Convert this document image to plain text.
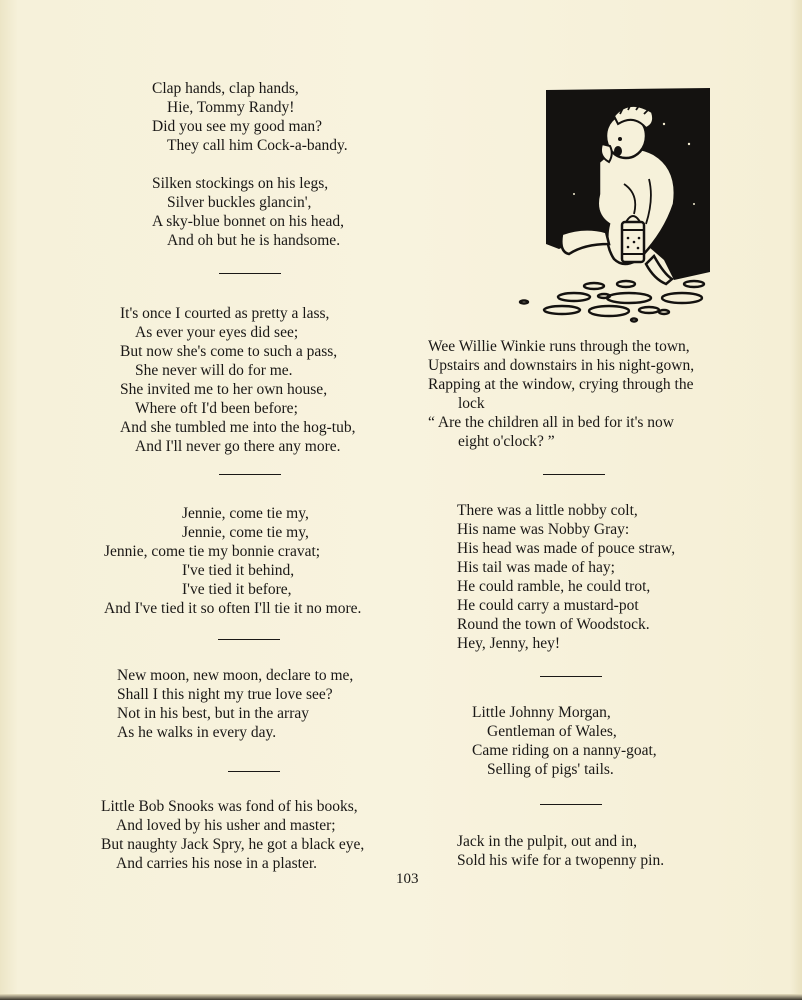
Clap hands, clap hands,
Hie, Tommy Randy!
Did you see my good man?
They call him Cock-a-bandy.
Silken stockings on his legs,
Silver buckles glancin',
A sky-blue bonnet on his head,
And oh but he is handsome.
It's once I courted as pretty a lass,
As ever your eyes did see;
But now she's come to such a pass,
She never will do for me.
She invited me to her own house,
Where oft I'd been before;
And she tumbled me into the hog-tub,
And I'll never go there any more.
Jennie, come tie my,
Jennie, come tie my,
Jennie, come tie my bonnie cravat;
I've tied it behind,
I've tied it before,
And I've tied it so often I'll tie it no more.
New moon, new moon, declare to me,
Shall I this night my true love see?
Not in his best, but in the array
As he walks in every day.
Little Bob Snooks was fond of his books,
And loved by his usher and master;
But naughty Jack Spry, he got a black eye,
And carries his nose in a plaster.
Wee Willie Winkie runs through the town,
Upstairs and downstairs in his night-gown,
Rapping at the window, crying through the
lock
“ Are the children all in bed for it's now
eight o'clock? ”
There was a little nobby colt,
His name was Nobby Gray:
His head was made of pouce straw,
His tail was made of hay;
He could ramble, he could trot,
He could carry a mustard-pot
Round the town of Woodstock.
Hey, Jenny, hey!
Little Johnny Morgan,
Gentleman of Wales,
Came riding on a nanny-goat,
Selling of pigs' tails.
Jack in the pulpit, out and in,
Sold his wife for a twopenny pin.
103
